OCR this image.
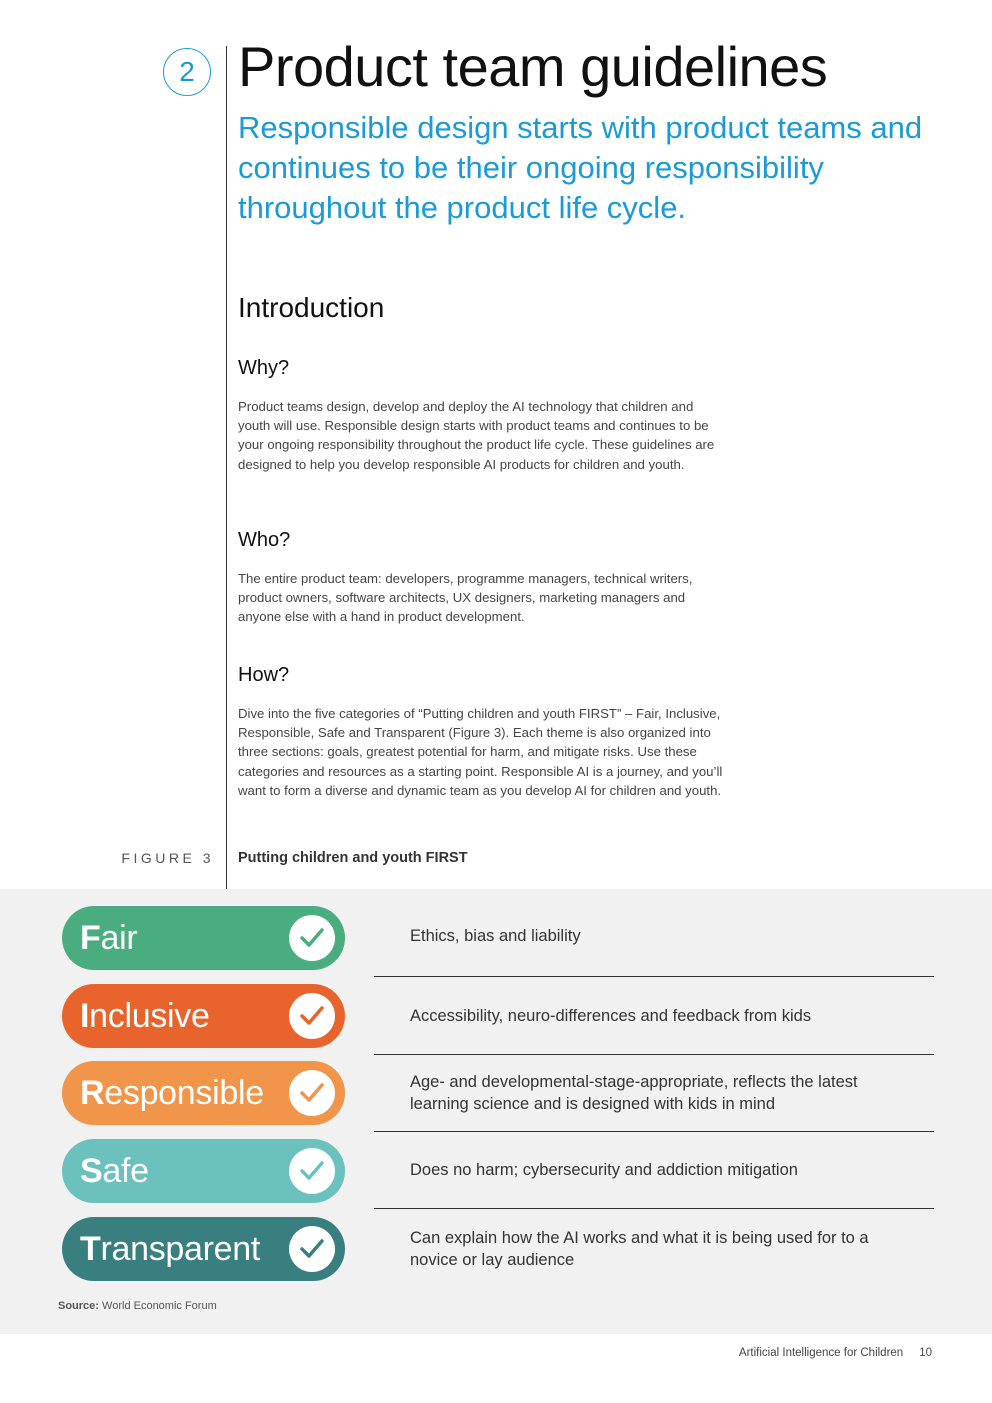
2 Product team guidelines

Responsible design starts with product teams and continues to be their ongoing responsibility throughout the product life cycle.

Introduction
Why?

Product teams design, develop and deploy the AI technology that children and youth will use. Responsible design starts with product teams and continues to be your ongoing responsibility throughout the product life cycle. These guidelines are designed to help you develop responsible AI products for children and youth.

Who?

The entire product team: developers, programme managers, technical writers, product owners, software architects, UX designers, marketing managers and anyone else with a hand in product development.

How?

Dive into the five categories of “Putting children and youth FIRST” – Fair, Inclusive, Responsible, Safe and Transparent (Figure 3). Each theme is also organized into three sections: goals, greatest potential for harm, and mitigate risks. Use these categories and resources as a starting point. Responsible AI is a journey, and you’ll want to form a diverse and dynamic team as you develop AI for children and youth.

FIGURE 3 Putting children and youth FIRST
Fair
Inclusive
Responsible
Safe
Transparent
Ethics, bias and liability
Accessibility, neuro-differences and feedback from kids
Age- and developmental-stage-appropriate, reflects the latest learning science and is designed with kids in mind
Does no harm; cybersecurity and addiction mitigation
Can explain how the AI works and what it is being used for to a novice or lay audience
Source: World Economic Forum
Artificial Intelligence for Children 10
